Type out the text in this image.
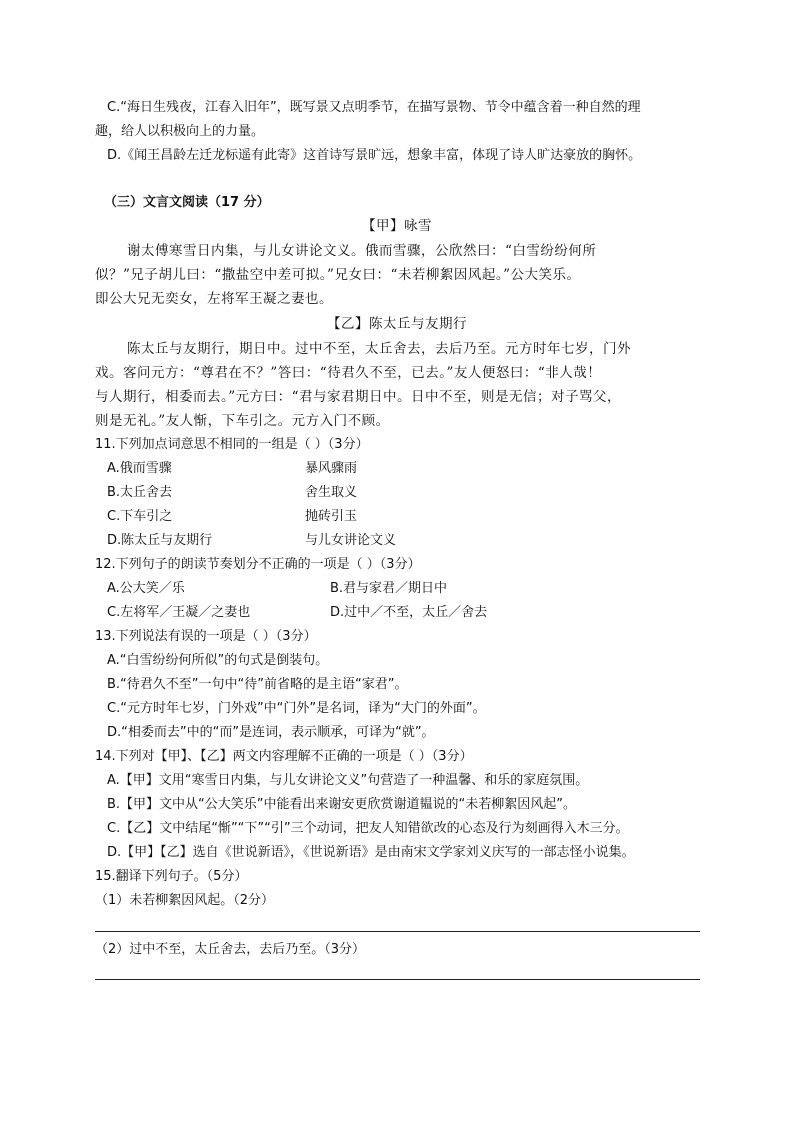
C.“海日生残夜，江春入旧年”，既写景又点明季节，在描写景物、节令中蕴含着一种自然的理
趣，给人以积极向上的力量。
D.《闻王昌龄左迁龙标遥有此寄》这首诗写景旷远，想象丰富，体现了诗人旷达豪放的胸怀。
（三）文言文阅读（17 分）
【甲】咏雪
谢太傅寒雪日内集，与儿女讲论文义。俄而雪骤，公欣然曰：“白雪纷纷何所
似？”兄子胡儿曰：“撒盐空中差可拟。”兄女曰：“未若柳絮因风起。”公大笑乐。
即公大兄无奕女，左将军王凝之妻也。
【乙】陈太丘与友期行
陈太丘与友期行，期日中。过中不至，太丘舍去，去后乃至。元方时年七岁，门外
戏。客问元方：“尊君在不？”答曰：“待君久不至，已去。”友人便怒曰：“非人哉！
与人期行，相委而去。”元方曰：“君与家君期日中。日中不至，则是无信；对子骂父，
则是无礼。”友人惭，下车引之。元方入门不顾。
11.下列加点词意思不相同的一组是（ ）（3分）
A.俄而雪骤	暴风骤雨
B.太丘舍去	舍生取义
C.下车引之	抛砖引玉
D.陈太丘与友期行	与儿女讲论文义
12.下列句子的朗读节奏划分不正确的一项是（ ）（3分）
A.公大笑／乐	B.君与家君／期日中
C.左将军／王凝／之妻也	D.过中／不至，太丘／舍去
13.下列说法有误的一项是（ ）（3分）
A.“白雪纷纷何所似”的句式是倒装句。
B.“待君久不至”一句中“待”前省略的是主语“家君”。
C.“元方时年七岁，门外戏”中“门外”是名词，译为“大门的外面”。
D.“相委而去”中的“而”是连词，表示顺承，可译为“就”。
14.下列对【甲】、【乙】两文内容理解不正确的一项是（ ）（3分）
A.【甲】文用“寒雪日内集，与儿女讲论文义”句营造了一种温馨、和乐的家庭氛围。
B.【甲】文中从“公大笑乐”中能看出来谢安更欣赏谢道韫说的“未若柳絮因风起”。
C.【乙】文中结尾“惭”“下”“引”三个动词，把友人知错欲改的心态及行为刻画得入木三分。
D.【甲】【乙】选自《世说新语》，《世说新语》是由南宋文学家刘义庆写的一部志怪小说集。
15.翻译下列句子。（5分）
（1）未若柳絮因风起。（2分）
（2）过中不至，太丘舍去，去后乃至。（3分）
